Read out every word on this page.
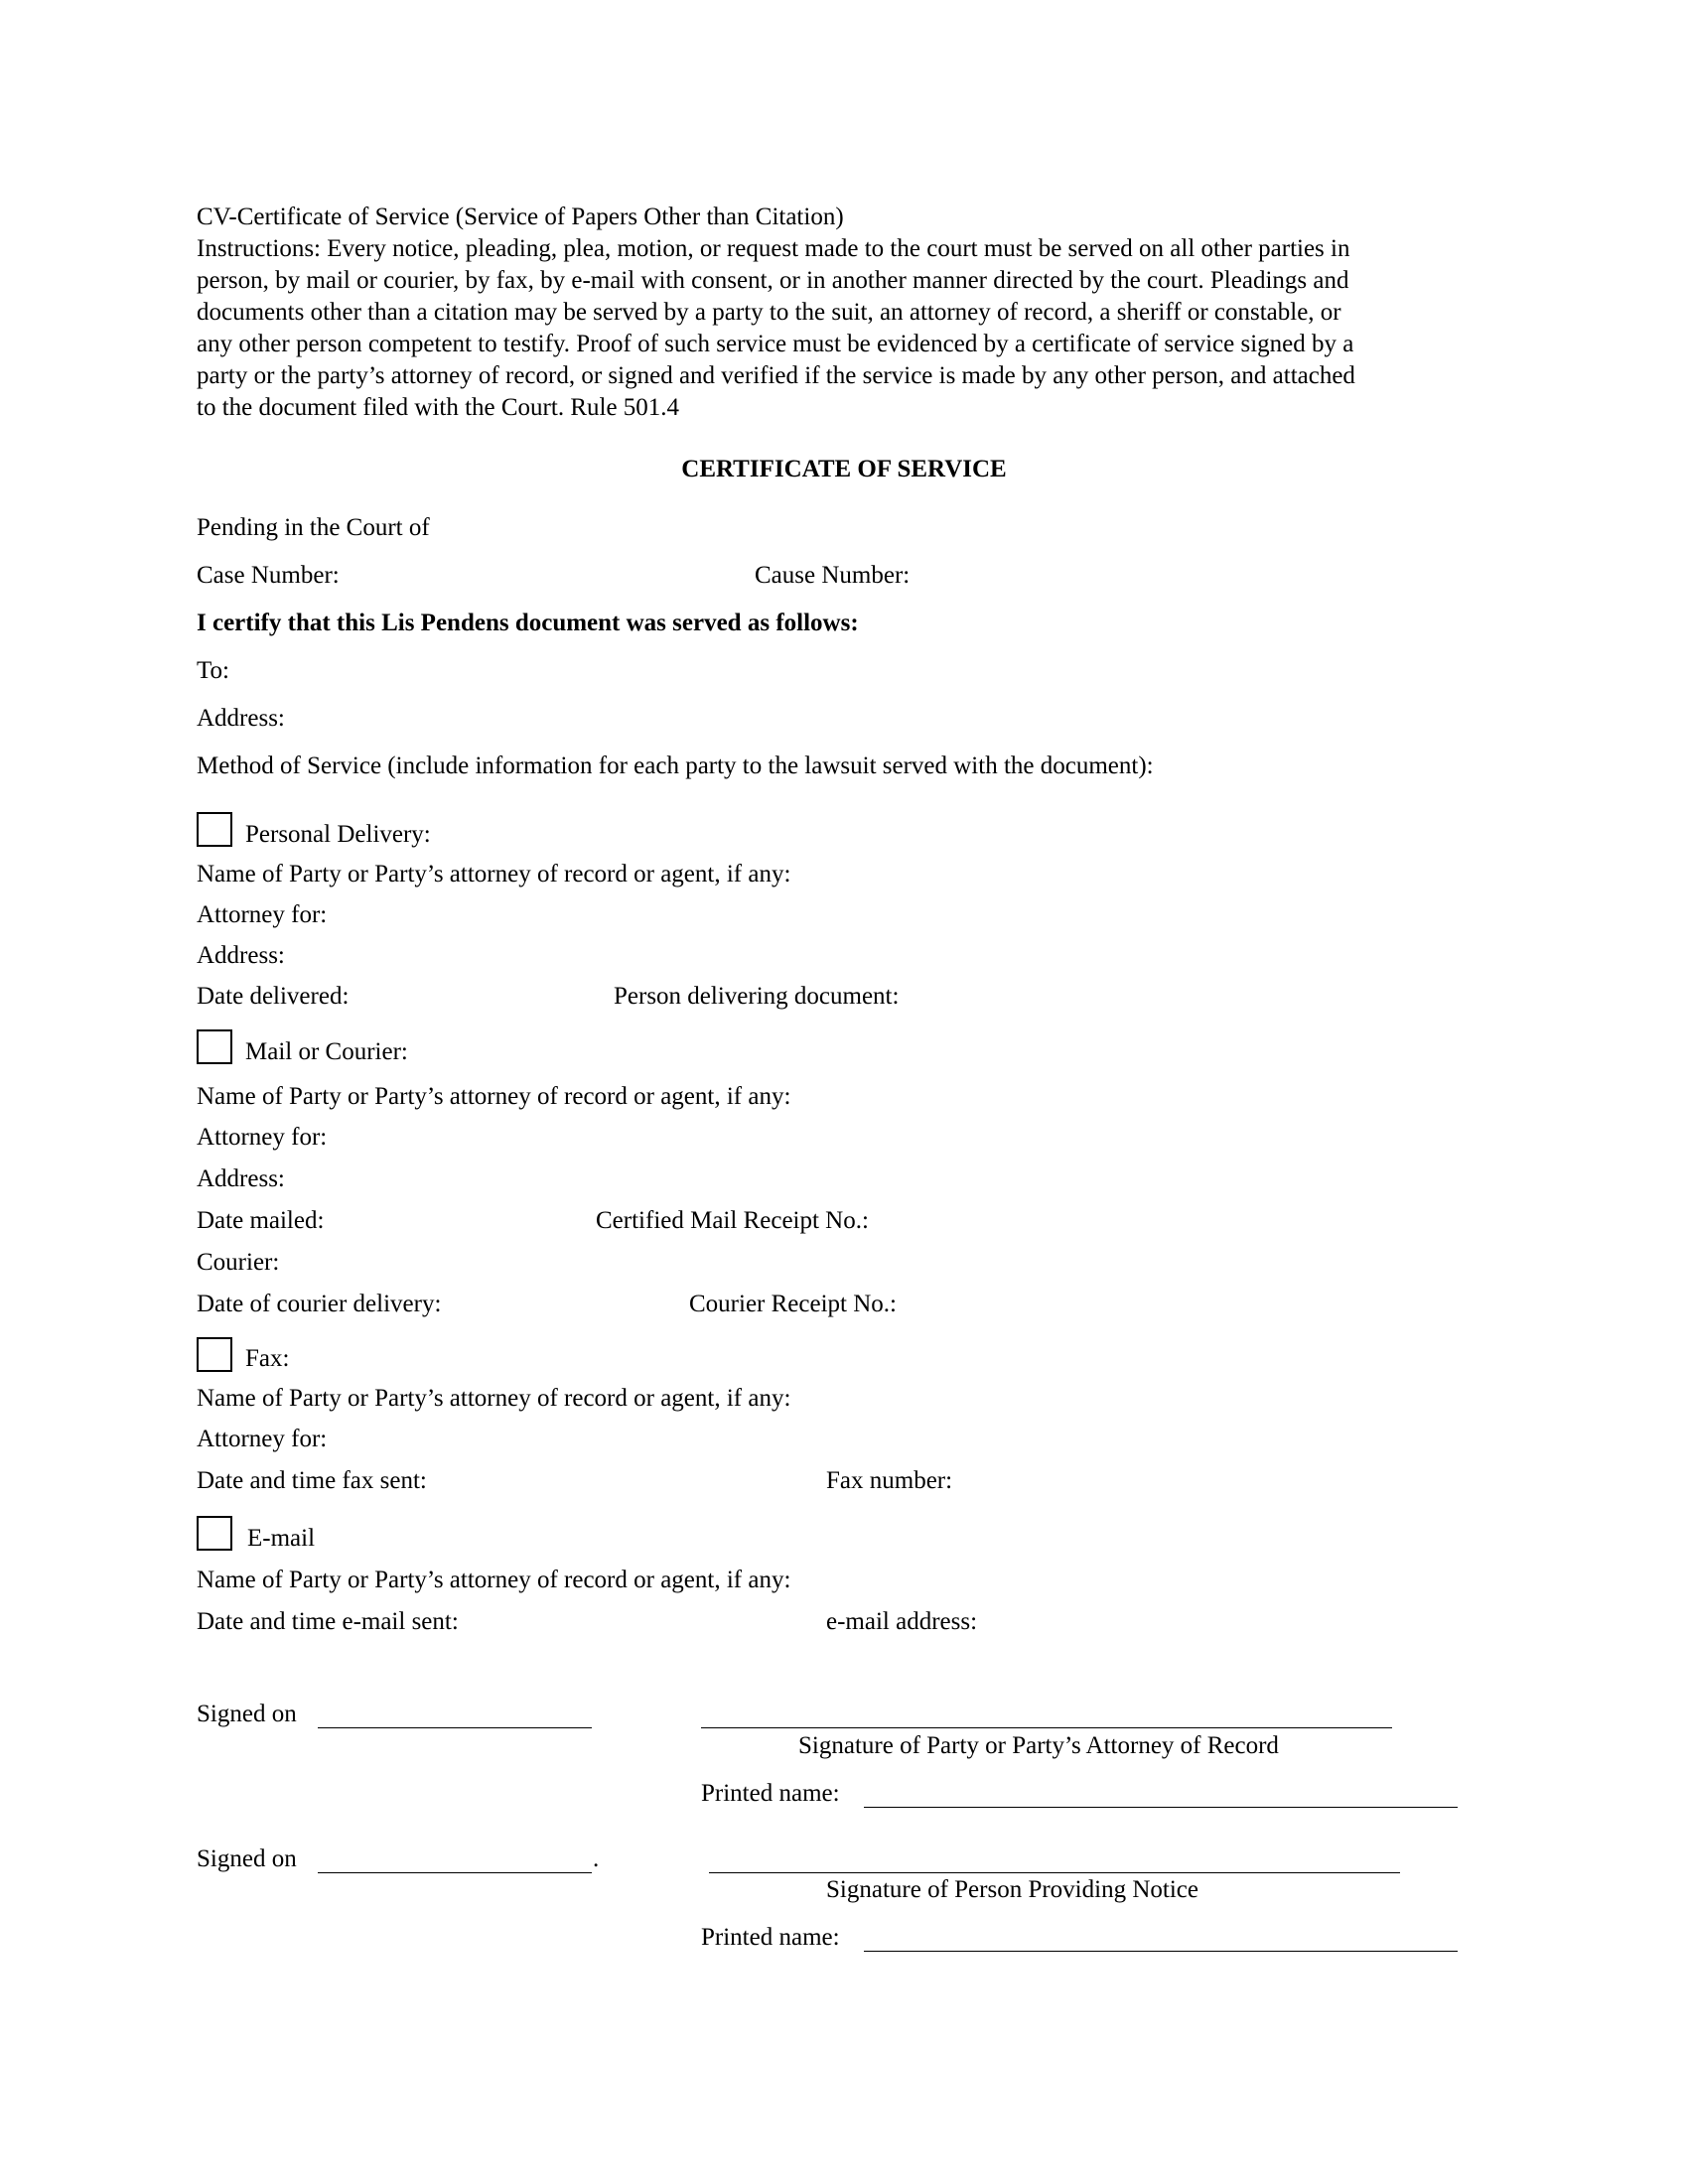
CV-Certificate of Service (Service of Papers Other than Citation)
Instructions: Every notice, pleading, plea, motion, or request made to the court must be served on all other parties in
person, by mail or courier, by fax, by e-mail with consent, or in another manner directed by the court. Pleadings and
documents other than a citation may be served by a party to the suit, an attorney of record, a sheriff or constable, or
any other person competent to testify. Proof of such service must be evidenced by a certificate of service signed by a
party or the party’s attorney of record, or signed and verified if the service is made by any other person, and attached
to the document filed with the Court. Rule 501.4
CERTIFICATE OF SERVICE
Pending in the Court of
Case Number:	Cause Number:
I certify that this Lis Pendens document was served as follows:
To:
Address:
Method of Service (include information for each party to the lawsuit served with the document):
Personal Delivery:
Name of Party or Party’s attorney of record or agent, if any:
Attorney for:
Address:
Date delivered:	Person delivering document:
Mail or Courier:
Name of Party or Party’s attorney of record or agent, if any:
Attorney for:
Address:
Date mailed:	Certified Mail Receipt No.:
Courier:
Date of courier delivery:	Courier Receipt No.:
Fax:
Name of Party or Party’s attorney of record or agent, if any:
Attorney for:
Date and time fax sent:	Fax number:
E-mail
Name of Party or Party’s attorney of record or agent, if any:
Date and time e-mail sent:	e-mail address:
Signed on
Signature of Party or Party’s Attorney of Record
Printed name:
Signed on	.
Signature of Person Providing Notice
Printed name:
